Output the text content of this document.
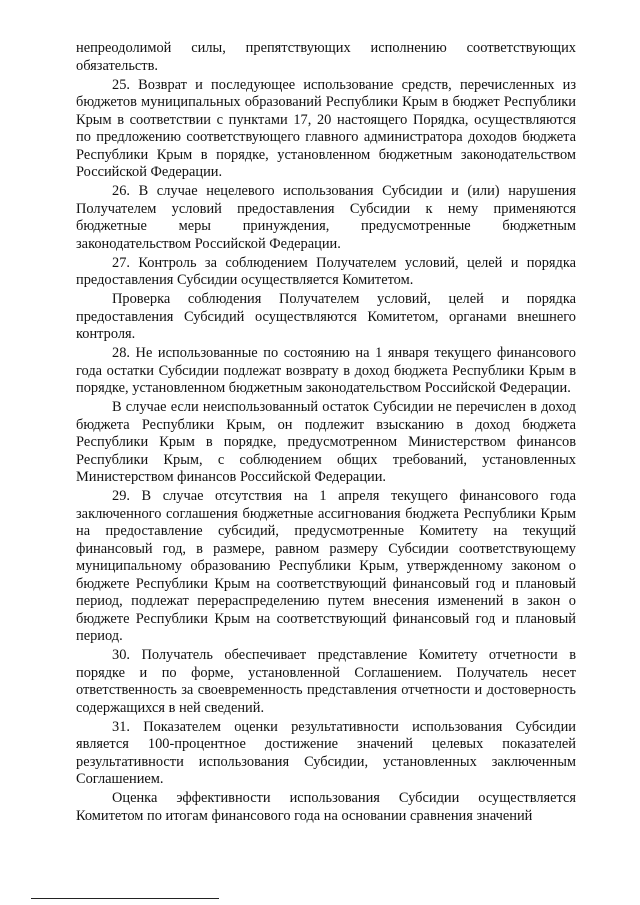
непреодолимой силы, препятствующих исполнению соответствующих обязательств.

25. Возврат и последующее использование средств, перечисленных из бюджетов муниципальных образований Республики Крым в бюджет Республики Крым в соответствии с пунктами 17, 20 настоящего Порядка, осуществляются по предложению соответствующего главного администратора доходов бюджета Республики Крым в порядке, установленном бюджетным законодательством Российской Федерации.

26. В случае нецелевого использования Субсидии и (или) нарушения Получателем условий предоставления Субсидии к нему применяются бюджетные меры принуждения, предусмотренные бюджетным законодательством Российской Федерации.

27. Контроль за соблюдением Получателем условий, целей и порядка предоставления Субсидии осуществляется Комитетом.

Проверка соблюдения Получателем условий, целей и порядка предоставления Субсидий осуществляются Комитетом, органами внешнего контроля.

28. Не использованные по состоянию на 1 января текущего финансового года остатки Субсидии подлежат возврату в доход бюджета Республики Крым в порядке, установленном бюджетным законодательством Российской Федерации.

В случае если неиспользованный остаток Субсидии не перечислен в доход бюджета Республики Крым, он подлежит взысканию в доход бюджета Республики Крым в порядке, предусмотренном Министерством финансов Республики Крым, с соблюдением общих требований, установленных Министерством финансов Российской Федерации.

29. В случае отсутствия на 1 апреля текущего финансового года заключенного соглашения бюджетные ассигнования бюджета Республики Крым на предоставление субсидий, предусмотренные Комитету на текущий финансовый год, в размере, равном размеру Субсидии соответствующему муниципальному образованию Республики Крым, утвержденному законом о бюджете Республики Крым на соответствующий финансовый год и плановый период, подлежат перераспределению путем внесения изменений в закон о бюджете Республики Крым на соответствующий финансовый год и плановый период.

30. Получатель обеспечивает представление Комитету отчетности в порядке и по форме, установленной Соглашением. Получатель несет ответственность за своевременность представления отчетности и достоверность содержащихся в ней сведений.

31. Показателем оценки результативности использования Субсидии является 100-процентное достижение значений целевых показателей результативности использования Субсидии, установленных заключенным Соглашением.

Оценка эффективности использования Субсидии осуществляется Комитетом по итогам финансового года на основании сравнения значений
